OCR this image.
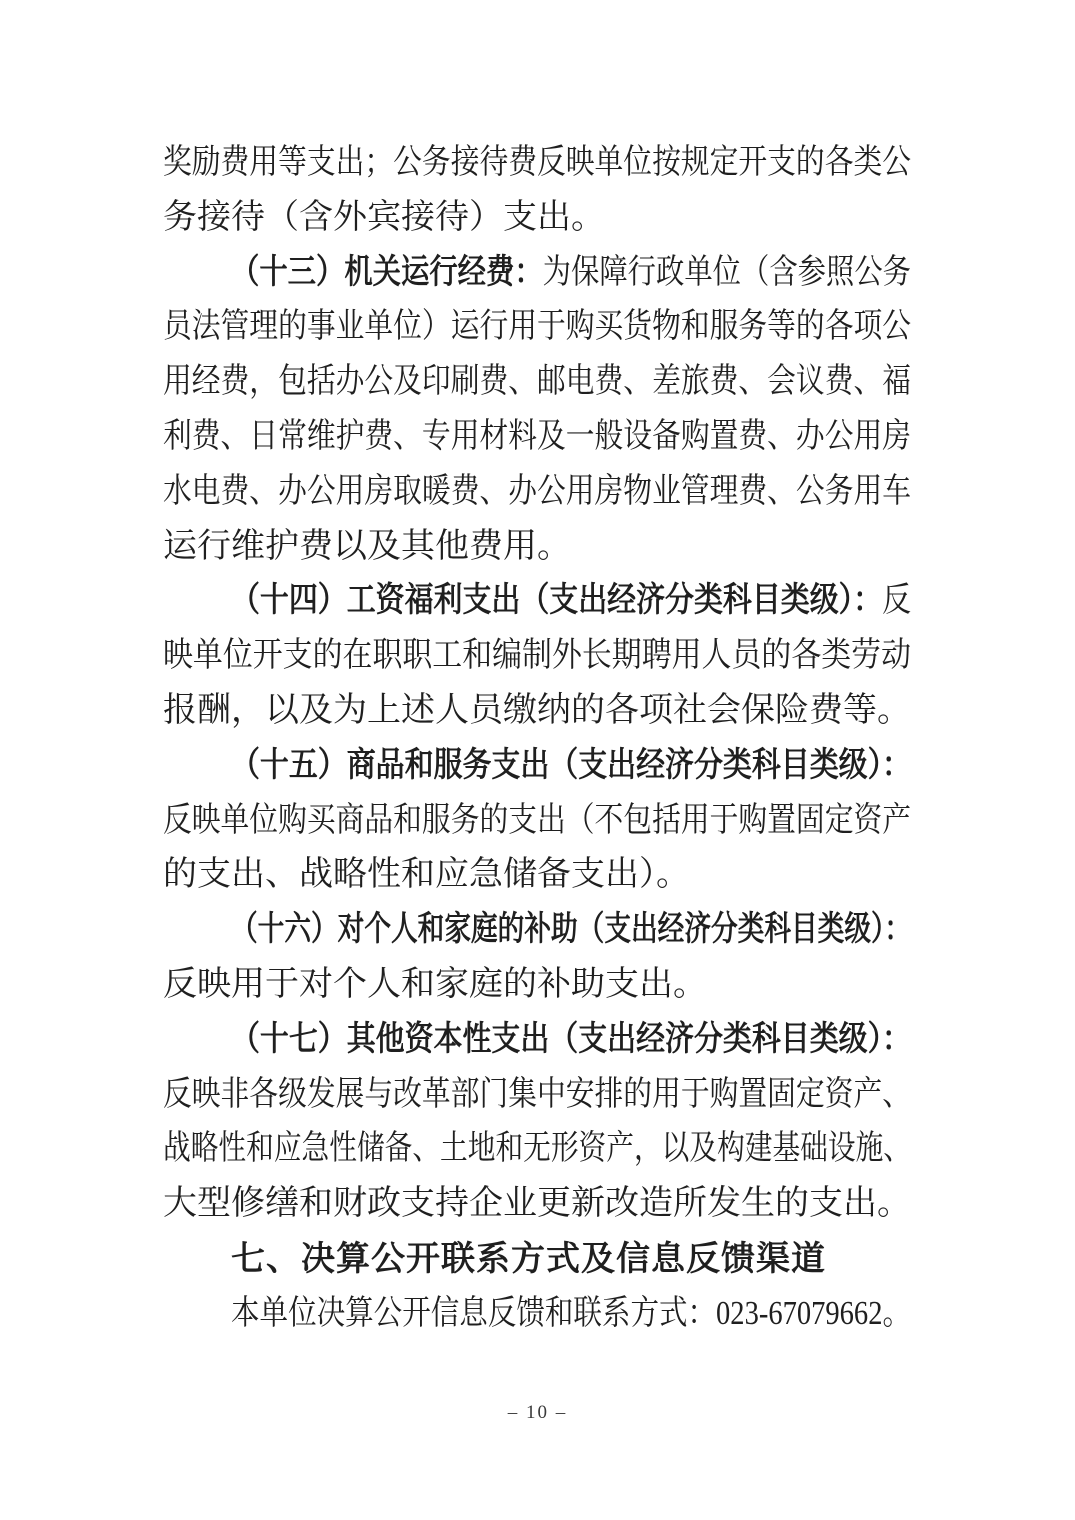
奖励费用等支出；公务接待费反映单位按规定开支的各类公
务接待（含外宾接待）支出。
（十三）机关运行经费：为保障行政单位（含参照公务
员法管理的事业单位）运行用于购买货物和服务等的各项公
用经费，包括办公及印刷费、邮电费、差旅费、会议费、福
利费、日常维护费、专用材料及一般设备购置费、办公用房
水电费、办公用房取暖费、办公用房物业管理费、公务用车
运行维护费以及其他费用。
（十四）工资福利支出（支出经济分类科目类级）：反
映单位开支的在职职工和编制外长期聘用人员的各类劳动
报酬，以及为上述人员缴纳的各项社会保险费等。
（十五）商品和服务支出（支出经济分类科目类级）：
反映单位购买商品和服务的支出（不包括用于购置固定资产
的支出、战略性和应急储备支出）。
（十六）对个人和家庭的补助（支出经济分类科目类级）：
反映用于对个人和家庭的补助支出。
（十七）其他资本性支出（支出经济分类科目类级）：
反映非各级发展与改革部门集中安排的用于购置固定资产、
战略性和应急性储备、土地和无形资产，以及构建基础设施、
大型修缮和财政支持企业更新改造所发生的支出。
七、决算公开联系方式及信息反馈渠道
本单位决算公开信息反馈和联系方式：023-67079662。
– 10 –
